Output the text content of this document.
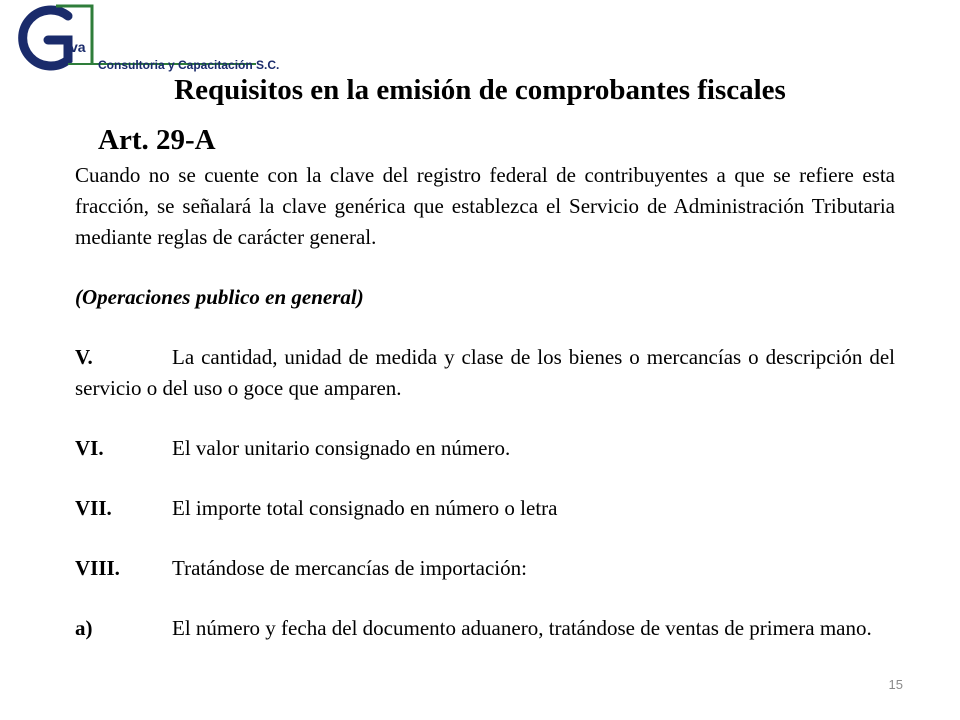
va
Consultoria y Capacitación S.C.
Requisitos en la emisión de comprobantes fiscales
Art. 29-A

Cuando no se cuente con la clave del registro federal de contribuyentes a que se refiere esta fracción, se señalará la clave genérica que establezca el Servicio de Administración Tributaria mediante reglas de carácter general.

(Operaciones publico en general)

V.	La cantidad, unidad de medida y clase de los bienes o mercancías o descripción del servicio o del uso o goce que amparen.

VI.	El valor unitario consignado en número.

VII.	El importe total consignado en número o letra

VIII. Tratándose de mercancías de importación:

a)	El número y fecha del documento aduanero, tratándose de ventas de primera mano.

15
